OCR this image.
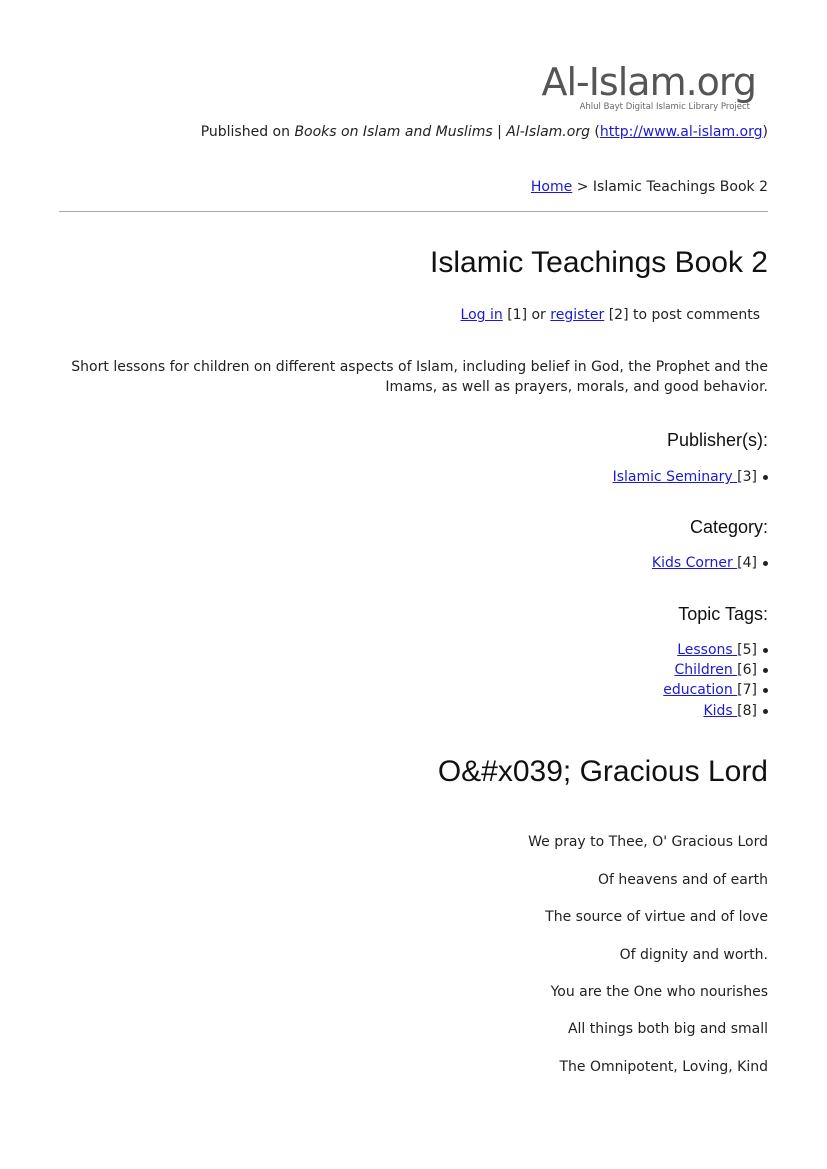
Al-Islam.org
Ahlul Bayt Digital Islamic Library Project
Published on Books on Islam and Muslims | Al-Islam.org (http://www.al-islam.org)
Home > Islamic Teachings Book 2
Islamic Teachings Book 2
Log in [1] or register [2] to post comments
Short lessons for children on different aspects of Islam, including belief in God, the Prophet and the Imams, as well as prayers, morals, and good behavior.
Publisher(s):
Islamic Seminary [3]
Category:
Kids Corner [4]
Topic Tags:
Lessons [5]
Children [6]
education [7]
Kids [8]
O&#x039; Gracious Lord
We pray to Thee, O' Gracious Lord
Of heavens and of earth
The source of virtue and of love
Of dignity and worth.
You are the One who nourishes
All things both big and small
The Omnipotent, Loving, Kind
